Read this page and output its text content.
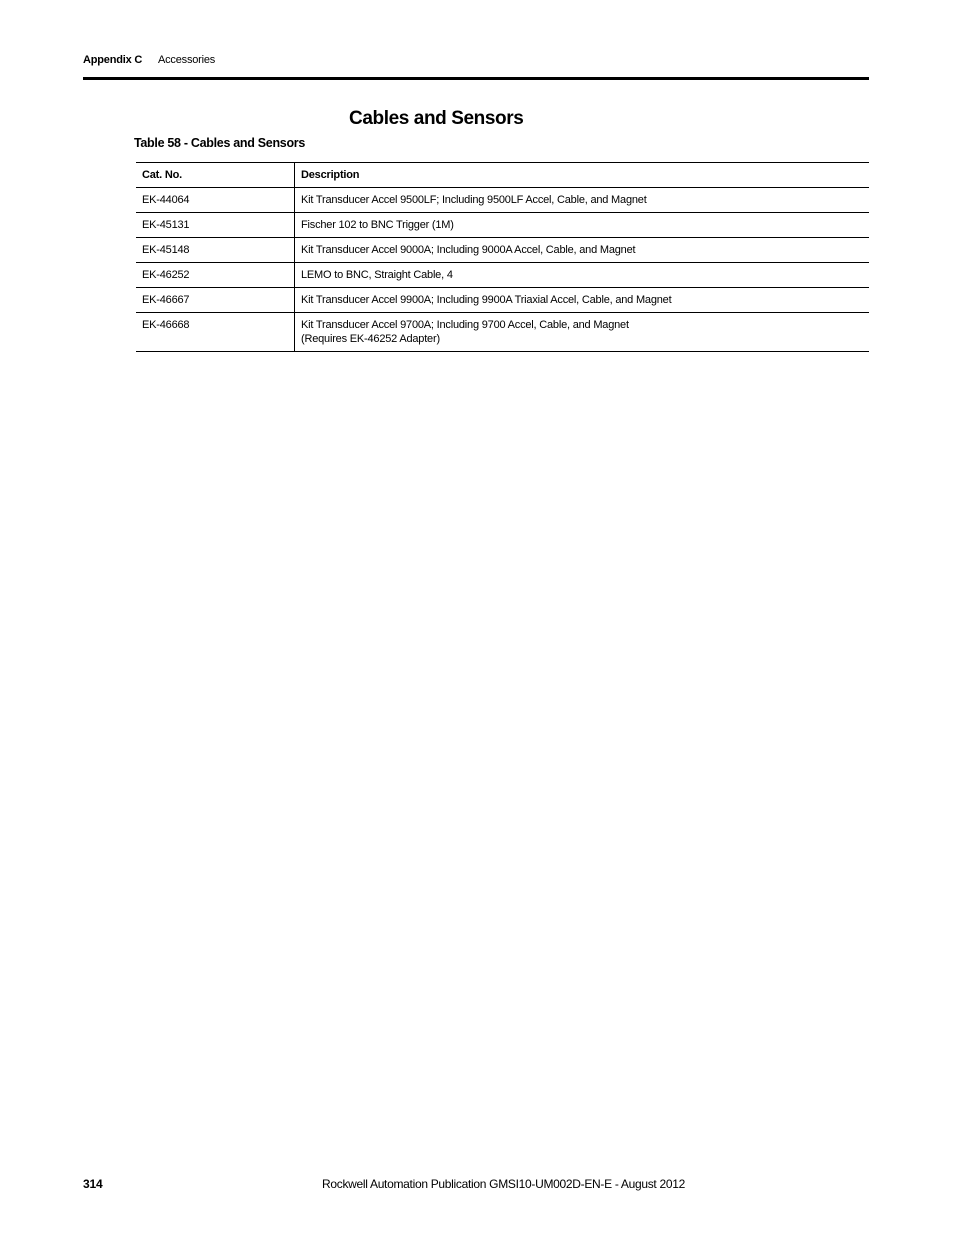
Appendix C Accessories
Cables and Sensors
Table 58 - Cables and Sensors
Cat. No.	Description
EK-44064	Kit Transducer Accel 9500LF; Including 9500LF Accel, Cable, and Magnet

EK-45131	Fischer 102 to BNC Trigger (1M)

EK-45148	Kit Transducer Accel 9000A; Including 9000A Accel, Cable, and Magnet

EK-46252	LEMO to BNC, Straight Cable, 4

EK-46667	Kit Transducer Accel 9900A; Including 9900A Triaxial Accel, Cable, and Magnet

EK-46668	Kit Transducer Accel 9700A; Including 9700 Accel, Cable, and Magnet
(Requires EK-46252 Adapter)
314	Rockwell Automation Publication GMSI10-UM002D-EN-E - August 2012
